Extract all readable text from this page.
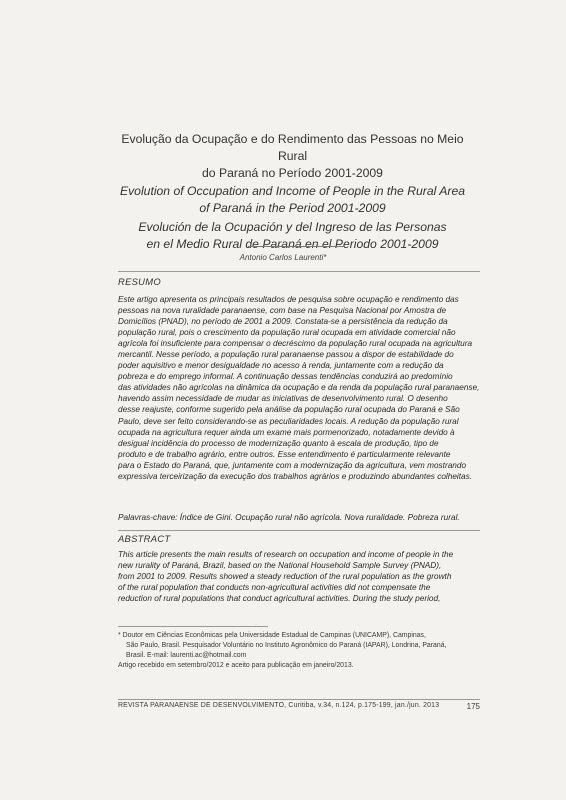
Evolução da Ocupação e do Rendimento das Pessoas no Meio Rural
do Paraná no Período 2001-2009
Evolution of Occupation and Income of People in the Rural Area
of Paraná in the Period 2001-2009
Evolución de la Ocupación y del Ingreso de las Personas
en el Medio Rural de Paraná en el Periodo 2001-2009
Antonio Carlos Laurenti*
RESUMO
Este artigo apresenta os principais resultados de pesquisa sobre ocupação e rendimento das
pessoas na nova ruralidade paranaense, com base na Pesquisa Nacional por Amostra de
Domicílios (PNAD), no período de 2001 a 2009. Constata-se a persistência da redução da
população rural, pois o crescimento da população rural ocupada em atividade comercial não
agrícola foi insuficiente para compensar o decréscimo da população rural ocupada na agricultura
mercantil. Nesse período, a população rural paranaense passou a dispor de estabilidade do
poder aquisitivo e menor desigualdade no acesso à renda, juntamente com a redução da
pobreza e do emprego informal. A continuação dessas tendências conduzirá ao predomínio
das atividades não agrícolas na dinâmica da ocupação e da renda da população rural paranaense,
havendo assim necessidade de mudar as iniciativas de desenvolvimento rural. O desenho
desse reajuste, conforme sugerido pela análise da população rural ocupada do Paraná e São
Paulo, deve ser feito considerando-se as peculiaridades locais. A redução da população rural
ocupada na agricultura requer ainda um exame mais pormenorizado, notadamente devido à
desigual incidência do processo de modernização quanto à escala de produção, tipo de
produto e de trabalho agrário, entre outros. Esse entendimento é particularmente relevante
para o Estado do Paraná, que, juntamente com a modernização da agricultura, vem mostrando
expressiva terceirização da execução dos trabalhos agrários e produzindo abundantes colheitas.
Palavras-chave: Índice de Gini. Ocupação rural não agrícola. Nova ruralidade. Pobreza rural.
ABSTRACT
This article presents the main results of research on occupation and income of people in the
new rurality of Paraná, Brazil, based on the National Household Sample Survey (PNAD),
from 2001 to 2009. Results showed a steady reduction of the rural population as the growth
of the rural population that conducts non-agricultural activities did not compensate the
reduction of rural populations that conduct agricultural activities. During the study period,
* Doutor em Ciências Econômicas pela Universidade Estadual de Campinas (UNICAMP), Campinas,
São Paulo, Brasil. Pesquisador Voluntário no Instituto Agronômico do Paraná (IAPAR), Londrina, Paraná,
Brasil. E-mail: laurenti.ac@hotmail.com
Artigo recebido em setembro/2012 e aceito para publicação em janeiro/2013.
REVISTA PARANAENSE DE DESENVOLVIMENTO, Curitiba, v.34, n.124, p.175-199, jan./jun. 2013	175
